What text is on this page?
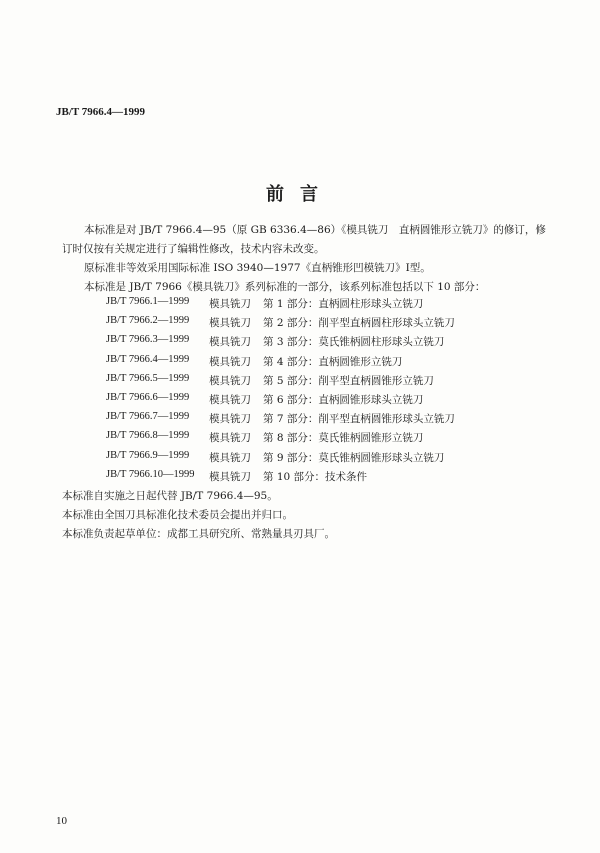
JB/T 7966.4—1999
前言
本标准是对 JB/T 7966.4—95（原 GB 6336.4—86）《模具铣刀　直柄圆锥形立铣刀》的修订，修
订时仅按有关规定进行了编辑性修改，技术内容未改变。
原标准非等效采用国际标准 ISO 3940—1977《直柄锥形凹模铣刀》Ⅰ型。
本标准是 JB/T 7966《模具铣刀》系列标准的一部分，该系列标准包括以下 10 部分：
JB/T 7966.1—1999	模具铣刀	第 1 部分：直柄圆柱形球头立铣刀
JB/T 7966.2—1999	模具铣刀	第 2 部分：削平型直柄圆柱形球头立铣刀
JB/T 7966.3—1999	模具铣刀	第 3 部分：莫氏锥柄圆柱形球头立铣刀
JB/T 7966.4—1999	模具铣刀	第 4 部分：直柄圆锥形立铣刀
JB/T 7966.5—1999	模具铣刀	第 5 部分：削平型直柄圆锥形立铣刀
JB/T 7966.6—1999	模具铣刀	第 6 部分：直柄圆锥形球头立铣刀
JB/T 7966.7—1999	模具铣刀	第 7 部分：削平型直柄圆锥形球头立铣刀
JB/T 7966.8—1999	模具铣刀	第 8 部分：莫氏锥柄圆锥形立铣刀
JB/T 7966.9—1999	模具铣刀	第 9 部分：莫氏锥柄圆锥形球头立铣刀
JB/T 7966.10—1999	模具铣刀	第 10 部分：技术条件
本标准自实施之日起代替 JB/T 7966.4—95。
本标准由全国刀具标准化技术委员会提出并归口。
本标准负责起草单位：成都工具研究所、常熟量具刃具厂。
10
